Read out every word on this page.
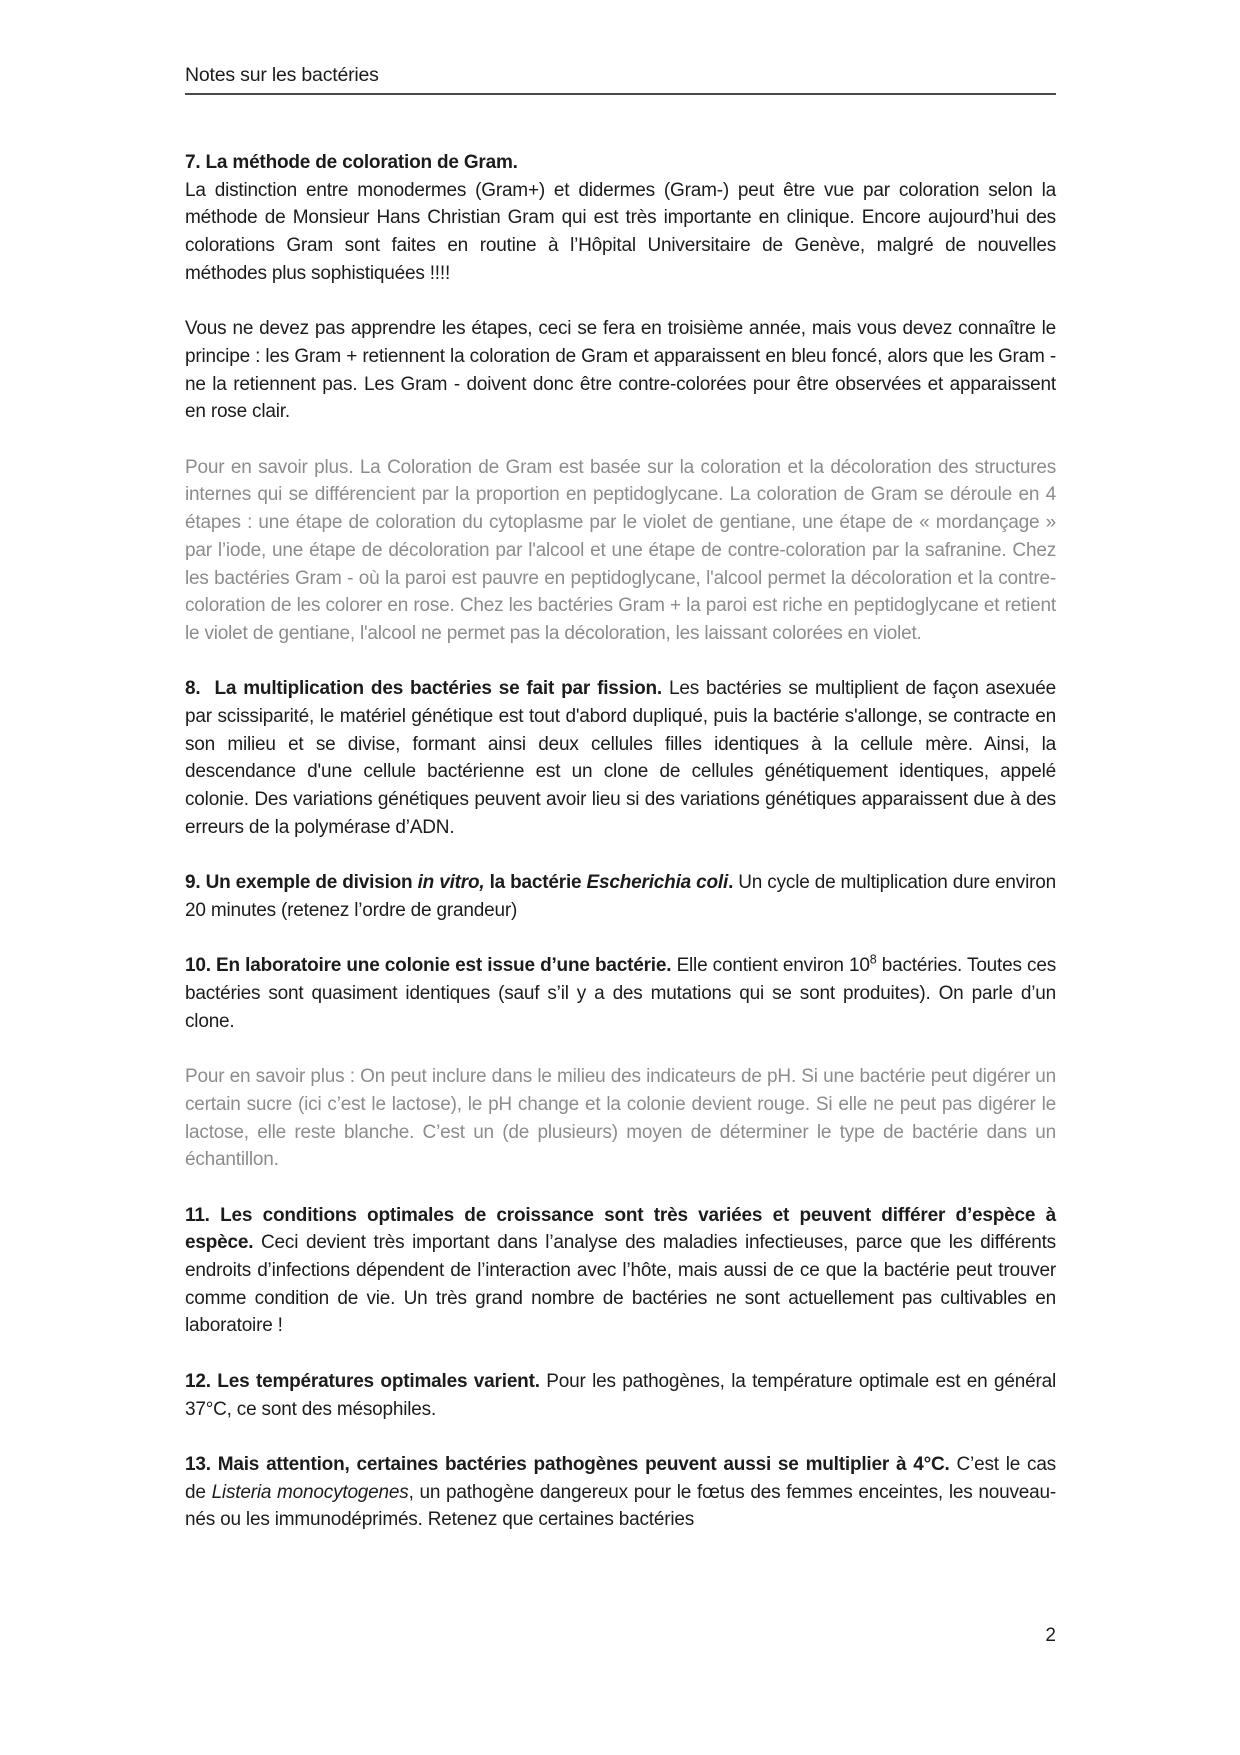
Notes sur les bactéries

7. La méthode de coloration de Gram.

La distinction entre monodermes (Gram+) et didermes (Gram-) peut être vue par coloration selon la méthode de Monsieur Hans Christian Gram qui est très importante en clinique. Encore aujourd’hui des colorations Gram sont faites en routine à l’Hôpital Universitaire de Genève, malgré de nouvelles méthodes plus sophistiquées !!!!

Vous ne devez pas apprendre les étapes, ceci se fera en troisième année, mais vous devez connaître le principe : les Gram + retiennent la coloration de Gram et apparaissent en bleu foncé, alors que les Gram - ne la retiennent pas. Les Gram - doivent donc être contre-colorées pour être observées et apparaissent en rose clair.

Pour en savoir plus. La Coloration de Gram est basée sur la coloration et la décoloration des structures internes qui se différencient par la proportion en peptidoglycane. La coloration de Gram se déroule en 4 étapes : une étape de coloration du cytoplasme par le violet de gentiane, une étape de « mordançage » par l’iode, une étape de décoloration par l'alcool et une étape de contre-coloration par la safranine. Chez les bactéries Gram - où la paroi est pauvre en peptidoglycane, l'alcool permet la décoloration et la contre-coloration de les colorer en rose. Chez les bactéries Gram + la paroi est riche en peptidoglycane et retient le violet de gentiane, l'alcool ne permet pas la décoloration, les laissant colorées en violet.

8.  La multiplication des bactéries se fait par fission. Les bactéries se multiplient de façon asexuée par scissiparité, le matériel génétique est tout d'abord dupliqué, puis la bactérie s'allonge, se contracte en son milieu et se divise, formant ainsi deux cellules filles identiques à la cellule mère. Ainsi, la descendance d'une cellule bactérienne est un clone de cellules génétiquement identiques, appelé colonie. Des variations génétiques peuvent avoir lieu si des variations génétiques apparaissent due à des erreurs de la polymérase d’ADN.

9. Un exemple de division in vitro, la bactérie Escherichia coli. Un cycle de multiplication dure environ 20 minutes (retenez l’ordre de grandeur)

10. En laboratoire une colonie est issue d’une bactérie. Elle contient environ $10^8$ bactéries. Toutes ces bactéries sont quasiment identiques (sauf s’il y a des mutations qui se sont produites). On parle d’un clone.

Pour en savoir plus : On peut inclure dans le milieu des indicateurs de pH. Si une bactérie peut digérer un certain sucre (ici c’est le lactose), le pH change et la colonie devient rouge. Si elle ne peut pas digérer le lactose, elle reste blanche. C’est un (de plusieurs) moyen de déterminer le type de bactérie dans un échantillon.

11. Les conditions optimales de croissance sont très variées et peuvent différer d’espèce à espèce. Ceci devient très important dans l’analyse des maladies infectieuses, parce que les différents endroits d’infections dépendent de l’interaction avec l’hôte, mais aussi de ce que la bactérie peut trouver comme condition de vie. Un très grand nombre de bactéries ne sont actuellement pas cultivables en laboratoire !

12. Les températures optimales varient. Pour les pathogènes, la température optimale est en général 37°C, ce sont des mésophiles.

13. Mais attention, certaines bactéries pathogènes peuvent aussi se multiplier à 4°C. C’est le cas de Listeria monocytogenes, un pathogène dangereux pour le fœtus des femmes enceintes, les nouveau-nés ou les immunodéprimés. Retenez que certaines bactéries

2
